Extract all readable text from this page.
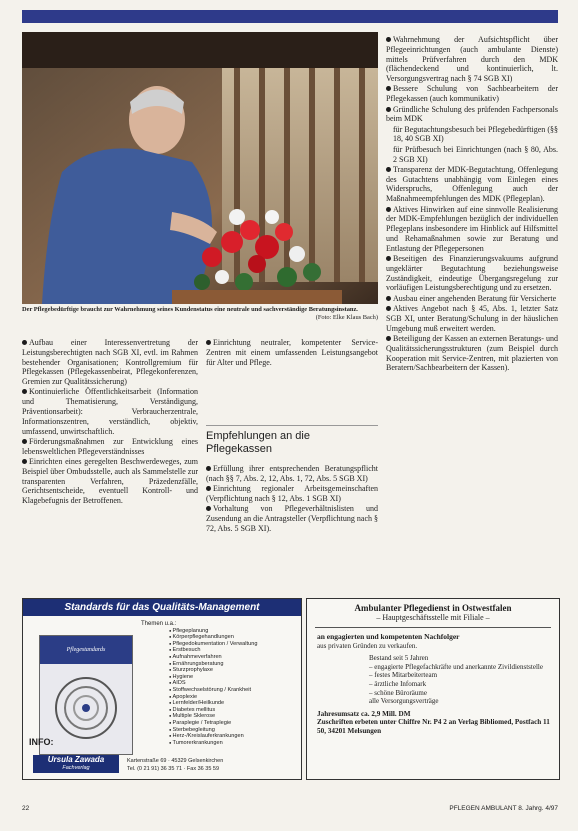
Der Pflegebedürftige braucht zur Wahrnehmung seines Kundenstatus eine neutrale und sachverständige Beratungsinstanz.
(Foto: Elke Klaus Bach)

Aufbau einer Interessenvertretung der Leistungsberechtigten nach SGB XI, evtl. im Rahmen bestehender Organisationen; Kontrollgremium für Pflegekassen (Pflegekassenbeirat, Pflegekonferenzen, Gremien zur Qualitätssicherung)

Kontinuierliche Öffentlichkeitsarbeit (Information und Thematisierung, Verständigung, Präventionsarbeit): Verbraucherzentrale, Informationszentren, verständlich, objektiv, umfassend, unwirtschaftlich.

Förderungsmaßnahmen zur Entwicklung eines lebensweltlichen Pflegeverständnisses

Einrichten eines geregelten Beschwerdeweges, zum Beispiel über Ombudsstelle, auch als Sammelstelle zur transparenten Verfahren, Präzedenzfälle, Gerichtsentscheide, eventuell Kontroll- und Klagebefugnis der Betroffenen.

Einrichtung neutraler, kompetenter Service-Zentren mit einem umfassenden Leistungsangebot für Alter und Pflege.

Empfehlungen an die Pflegekassen

Erfüllung ihrer entsprechenden Beratungspflicht (nach §§ 7, Abs. 2, 12, Abs. 1, 72, Abs. 5 SGB XI)

Einrichtung regionaler Arbeitsgemeinschaften (Verpflichtung nach § 12, Abs. 1 SGB XI)

Vorhaltung von Pflegeverhältnislisten und Zusendung an die Antragsteller (Verpflichtung nach § 72, Abs. 5 SGB XI).

Wahrnehmung der Aufsichtspflicht über Pflegeeinrichtungen (auch ambulante Dienste) mittels Prüfverfahren durch den MDK (flächendeckend und kontinuierlich, lt. Versorgungsvertrag nach § 74 SGB XI)

Bessere Schulung von Sachbearbeitern der Pflegekassen (auch kommunikativ)

Gründliche Schulung des prüfenden Fachpersonals beim MDK

für Begutachtungsbesuch bei Pflegebedürftigen (§§ 18, 40 SGB XI)

für Prüfbesuch bei Einrichtungen (nach § 80, Abs. 2 SGB XI)

Transparenz der MDK-Begutachtung, Offenlegung des Gutachtens unabhängig vom Einlegen eines Widerspruchs, Offenlegung auch der Maßnahmeempfehlungen des MDK (Pflegeplan).

Aktives Hinwirken auf eine sinnvolle Realisierung der MDK-Empfehlungen bezüglich der individuellen Pflegeplans insbesondere im Hinblick auf Hilfsmittel und Rehamaßnahmen sowie zur Beratung und Entlastung der Pflegepersonen

Beseitigen des Finanzierungsvakuums aufgrund ungeklärter Begutachtung beziehungsweise Zuständigkeit, eindeutige Übergangsregelung zur vorläufigen Leistungsberechtigung und zu ersetzen.

Ausbau einer angehenden Beratung für Versicherte

Aktives Angebot nach § 45, Abs. 1, letzter Satz SGB XI, unter Beratung/Schulung in der häuslichen Umgebung muß erweitert werden.

Beteiligung der Kassen an externen Beratungs- und Qualitätssicherungsstrukturen (zum Beispiel durch Kooperation mit Service-Zentren, mit plazierten von Beratern/Sachbearbeitern der Kassen).

Standards für das Qualitäts-Management
Pflegestandards
Themen u.a.:
● Pflegeplanung
● Körperpflegehandlungen
● Pflegedokumentation / Verwaltung
● Erstbesuch
● Aufnahmeverfahren
● Ernährungsberatung
● Sturzprophylaxe
● Hygiene
● AIDS
● Stoffwechselstörung / Krankheit
● Apoplexie
● Lernfelder/Heilkunde
● Diabetes mellitus
● Multiple Sklerose
● Paraplegie / Tetraplegie
● Sterbebegleitung
● Herz-/Kreislauferkrankungen
● Tumorerkrankungen
INFO:
Ursula Zawada
Fachverlag
Kartenstraße 69 · 45329 Gelsenkirchen
Tel. (0 21 91) 36 35 71 · Fax 36 35 59
Ambulanter Pflegedienst in Ostwestfalen
– Hauptgeschäftsstelle mit Filiale –
an engagierten und kompetenten Nachfolger
aus privaten Gründen zu verkaufen.
Bestand seit 5 Jahren
– engagierte Pflegefachkräfte und anerkannte Zivildienststelle
– festes Mitarbeiterteam
– ärztliche Infomark
– schöne Büroräume
alle Versorgungsverträge
Jahresumsatz ca. 2,9 Mill. DM
Zuschriften erbeten unter Chiffre Nr. P4 2 an Verlag Bibliomed, Postfach 11 50, 34201 Melsungen
22	PFLEGEN AMBULANT 8. Jahrg. 4/97
